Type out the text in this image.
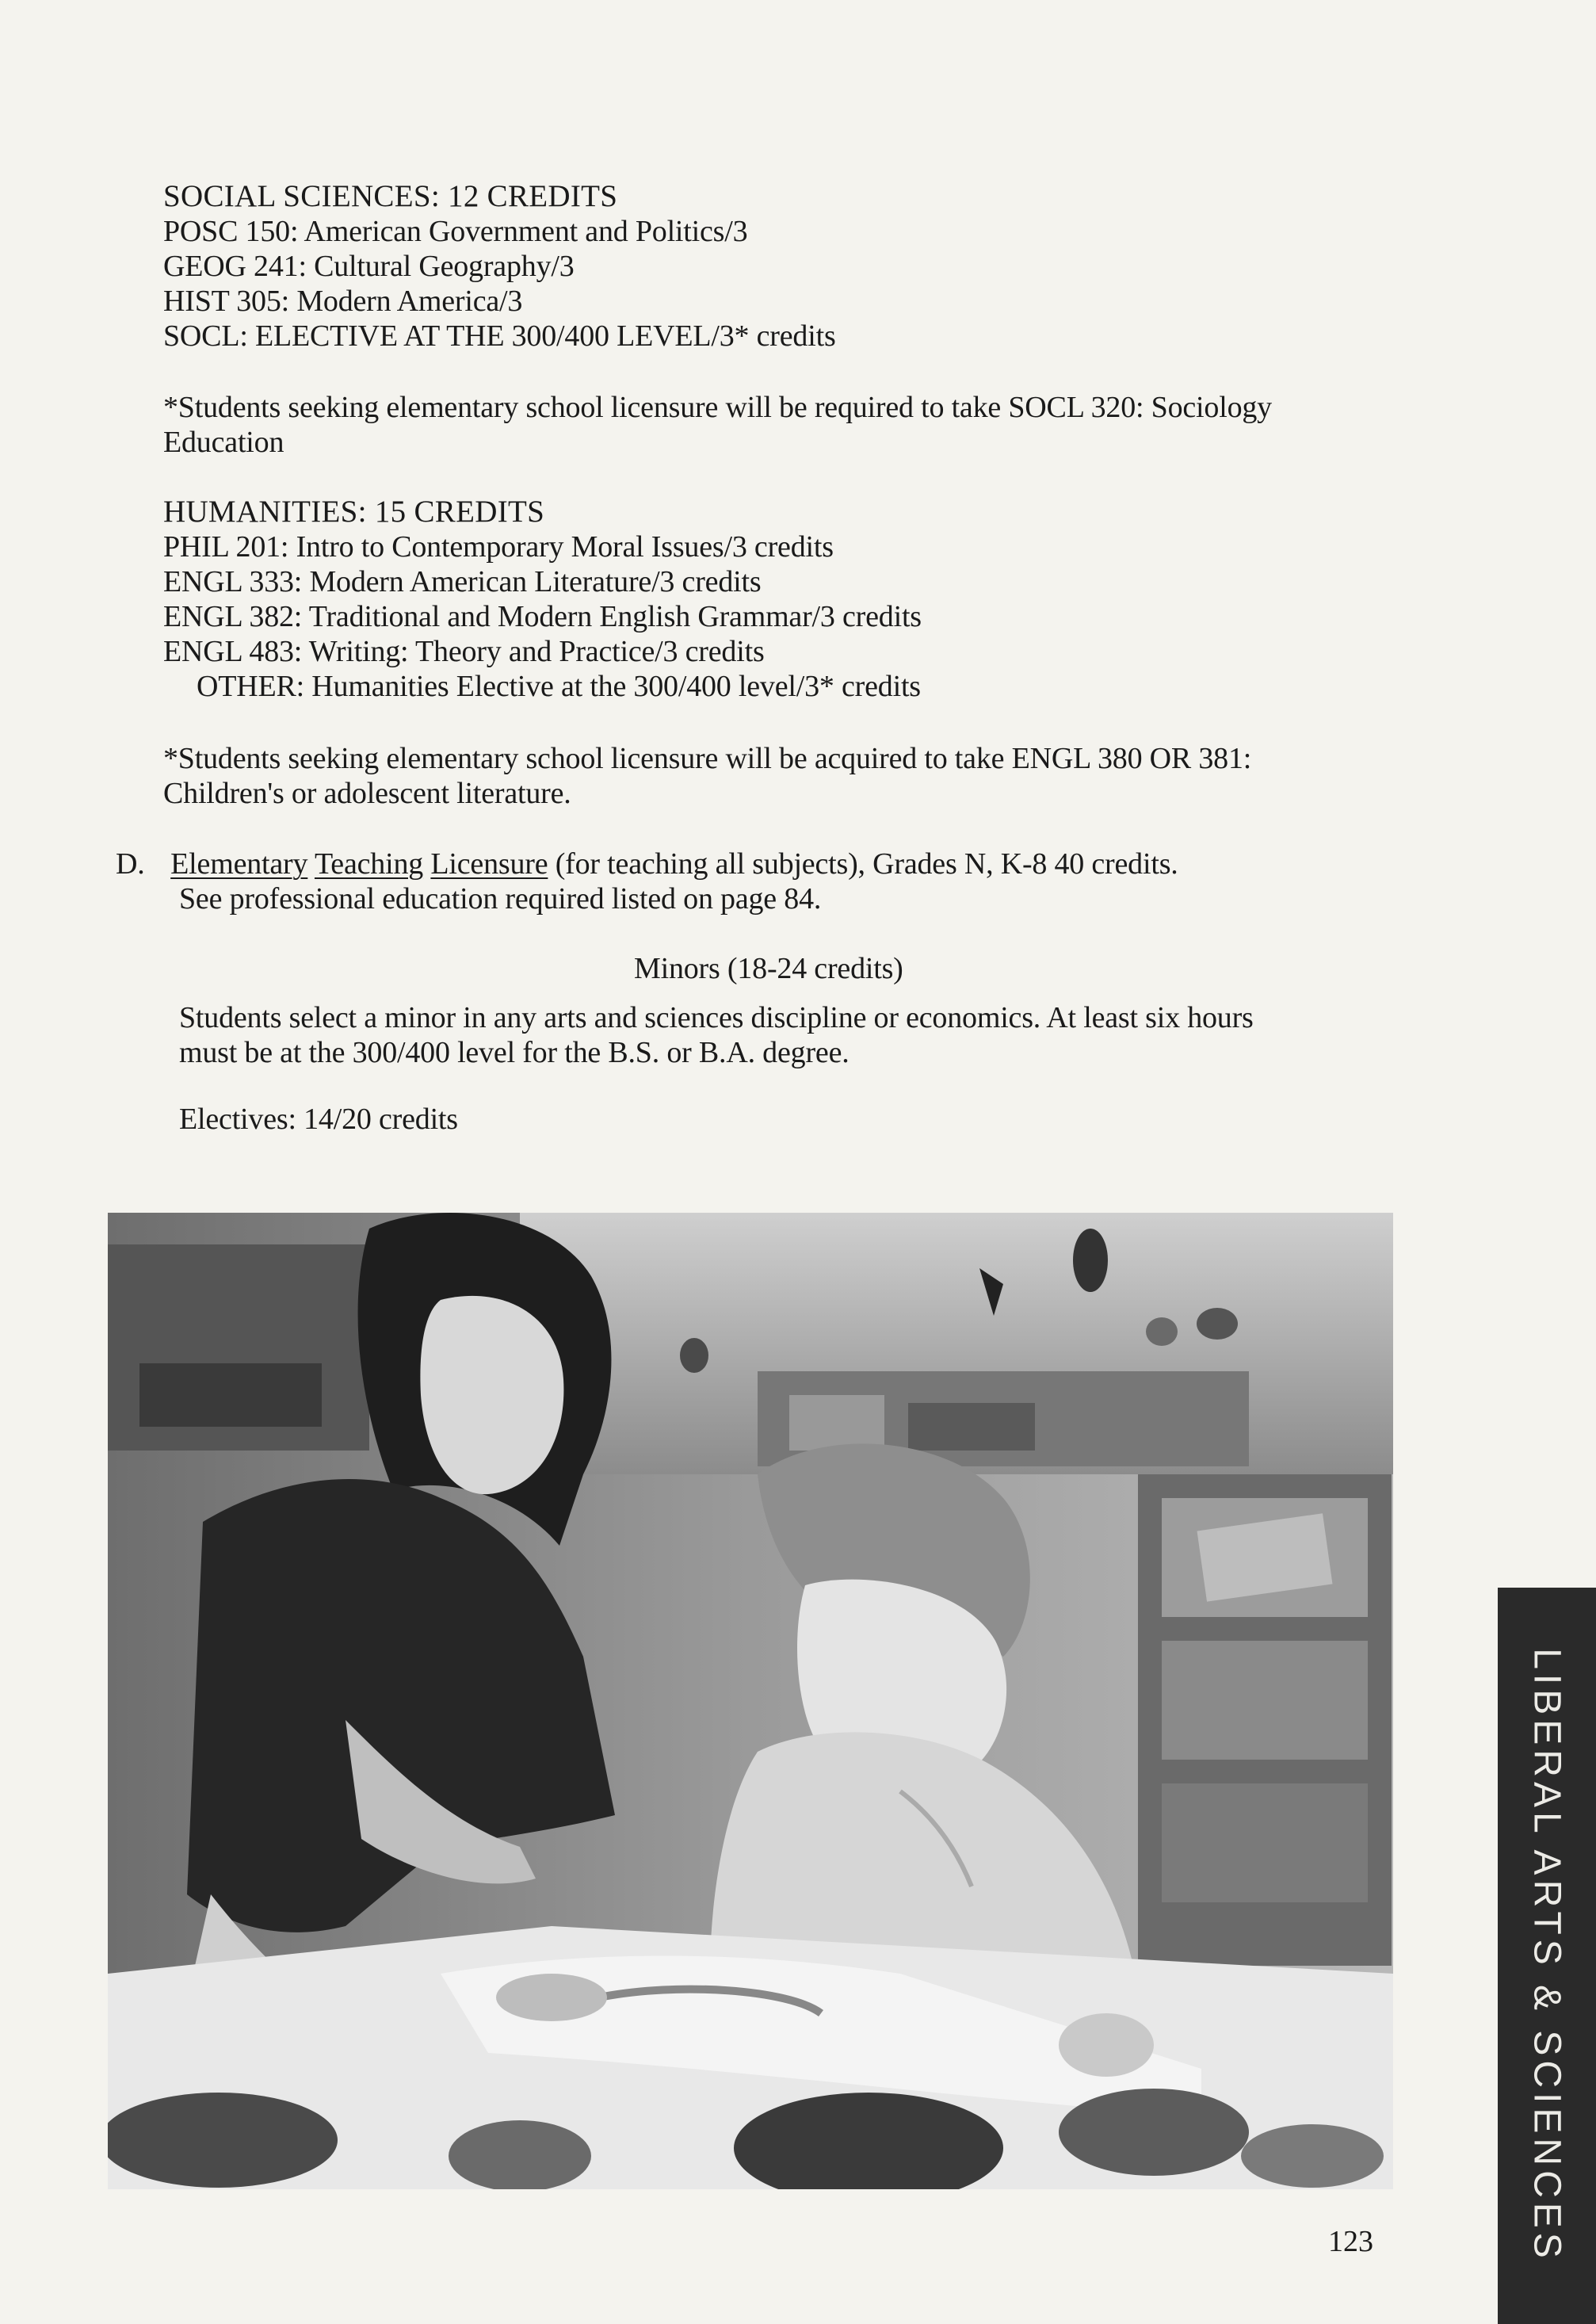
SOCIAL SCIENCES: 12 CREDITS
POSC 150: American Government and Politics/3
GEOG 241: Cultural Geography/3
HIST 305: Modern America/3
SOCL: ELECTIVE AT THE 300/400 LEVEL/3* credits
*Students seeking elementary school licensure will be required to take SOCL 320: Sociology
Education
HUMANITIES: 15 CREDITS
PHIL 201: Intro to Contemporary Moral Issues/3 credits
ENGL 333: Modern American Literature/3 credits
ENGL 382: Traditional and Modern English Grammar/3 credits
ENGL 483: Writing: Theory and Practice/3 credits
OTHER: Humanities Elective at the 300/400 level/3* credits
*Students seeking elementary school licensure will be acquired to take ENGL 380 OR 381:
Children's or adolescent literature.
D. Elementary Teaching Licensure (for teaching all subjects), Grades N, K-8 40 credits.
See professional education required listed on page 84.
Minors (18-24 credits)
Students select a minor in any arts and sciences discipline or economics. At least six hours
must be at the 300/400 level for the B.S. or B.A. degree.
Electives: 14/20 credits
LIBERAL ARTS & SCIENCES
123
